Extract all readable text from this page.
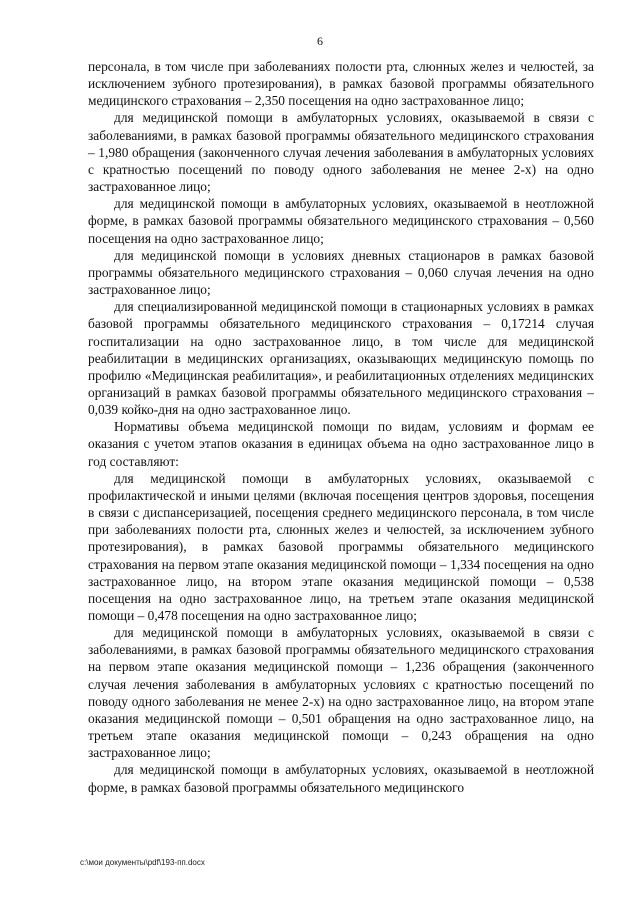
6

персонала, в том числе при заболеваниях полости рта, слюнных желез и челюстей, за исключением зубного протезирования), в рамках базовой программы обязательного медицинского страхования – 2,350 посещения на одно застрахованное лицо;

для медицинской помощи в амбулаторных условиях, оказываемой в связи с заболеваниями, в рамках базовой программы обязательного медицинского страхования – 1,980 обращения (законченного случая лечения заболевания в амбулаторных условиях с кратностью посещений по поводу одного заболевания не менее 2-х) на одно застрахованное лицо;

для медицинской помощи в амбулаторных условиях, оказываемой в неотложной форме, в рамках базовой программы обязательного медицинского страхования – 0,560 посещения на одно застрахованное лицо;

для медицинской помощи в условиях дневных стационаров в рамках базовой программы обязательного медицинского страхования – 0,060 случая лечения на одно застрахованное лицо;

для специализированной медицинской помощи в стационарных условиях в рамках базовой программы обязательного медицинского страхования – 0,17214 случая госпитализации на одно застрахованное лицо, в том числе для медицинской реабилитации в медицинских организациях, оказывающих медицинскую помощь по профилю «Медицинская реабилитация», и реабилитационных отделениях медицинских организаций в рамках базовой программы обязательного медицинского страхования – 0,039 койко-дня на одно застрахованное лицо.

Нормативы объема медицинской помощи по видам, условиям и формам ее оказания с учетом этапов оказания в единицах объема на одно застрахованное лицо в год составляют:

для медицинской помощи в амбулаторных условиях, оказываемой с профилактической и иными целями (включая посещения центров здоровья, посещения в связи с диспансеризацией, посещения среднего медицинского персонала, в том числе при заболеваниях полости рта, слюнных желез и челюстей, за исключением зубного протезирования), в рамках базовой программы обязательного медицинского страхования на первом этапе оказания медицинской помощи – 1,334 посещения на одно застрахованное лицо, на втором этапе оказания медицинской помощи – 0,538 посещения на одно застрахованное лицо, на третьем этапе оказания медицинской помощи – 0,478 посещения на одно застрахованное лицо;

для медицинской помощи в амбулаторных условиях, оказываемой в связи с заболеваниями, в рамках базовой программы обязательного медицинского страхования на первом этапе оказания медицинской помощи – 1,236 обращения (законченного случая лечения заболевания в амбулаторных условиях с кратностью посещений по поводу одного заболевания не менее 2-х) на одно застрахованное лицо, на втором этапе оказания медицинской помощи – 0,501 обращения на одно застрахованное лицо, на третьем этапе оказания медицинской помощи – 0,243 обращения на одно застрахованное лицо;

для медицинской помощи в амбулаторных условиях, оказываемой в неотложной форме, в рамках базовой программы обязательного медицинского

c:\мои документы\pdf\193-пп.docx
